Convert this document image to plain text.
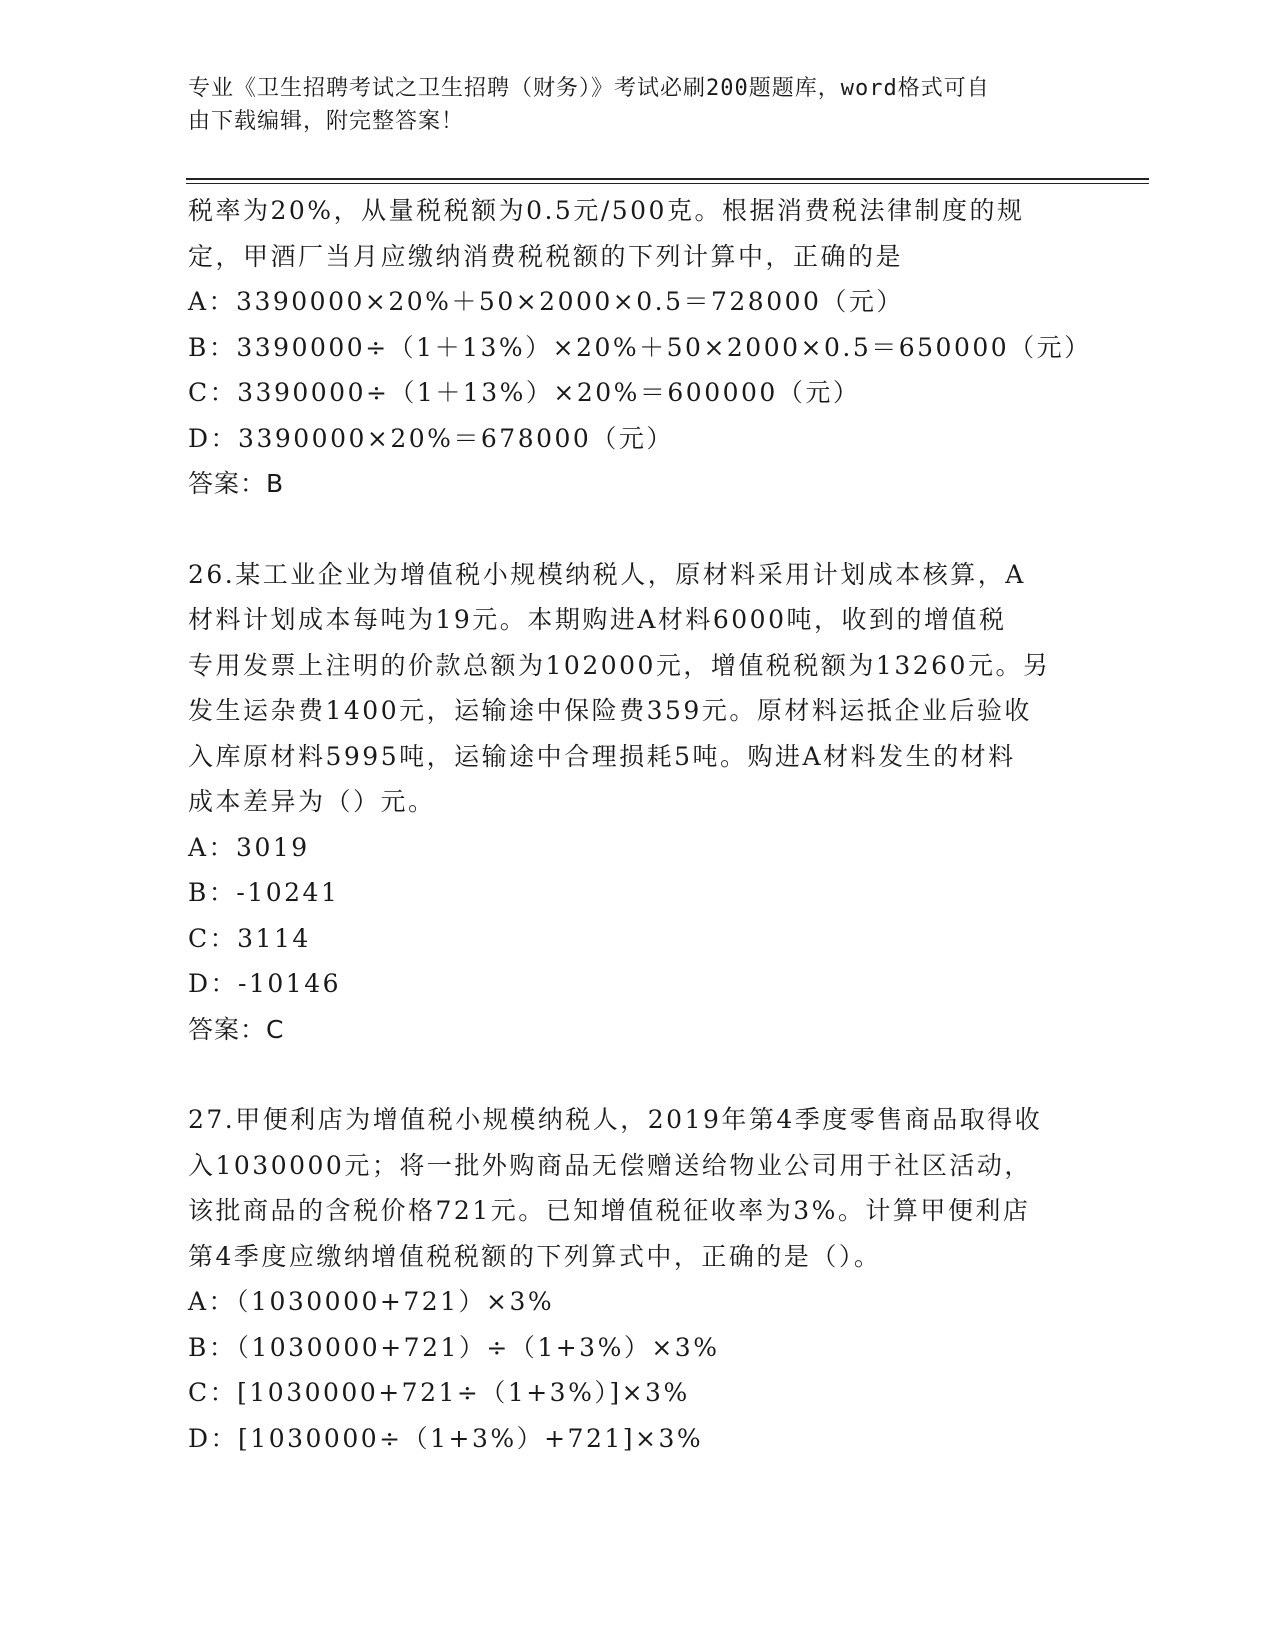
专业《卫生招聘考试之卫生招聘（财务）》考试必刷200题题库，word格式可自
由下载编辑，附完整答案！

税率为20%，从量税税额为0.5元/500克。根据消费税法律制度的规

定，甲酒厂当月应缴纳消费税税额的下列计算中，正确的是

A：3390000×20%＋50×2000×0.5＝728000（元）

B：3390000÷（1＋13%）×20%＋50×2000×0.5＝650000（元）

C：3390000÷（1＋13%）×20%＝600000（元）

D：3390000×20%＝678000（元）

答案：B

26.某工业企业为增值税小规模纳税人，原材料采用计划成本核算，A

材料计划成本每吨为19元。本期购进A材料6000吨，收到的增值税

专用发票上注明的价款总额为102000元，增值税税额为13260元。另

发生运杂费1400元，运输途中保险费359元。原材料运抵企业后验收

入库原材料5995吨，运输途中合理损耗5吨。购进A材料发生的材料

成本差异为（）元。

A：3019

B：-10241

C：3114

D：-10146

答案：C

27.甲便利店为增值税小规模纳税人，2019年第4季度零售商品取得收

入1030000元；将一批外购商品无偿赠送给物业公司用于社区活动，

该批商品的含税价格721元。已知增值税征收率为3%。计算甲便利店

第4季度应缴纳增值税税额的下列算式中，正确的是（）。

A：（1030000+721）×3%

B：（1030000+721）÷（1+3%）×3%

C：[1030000+721÷（1+3%）]×3%

D：[1030000÷（1+3%）+721]×3%
